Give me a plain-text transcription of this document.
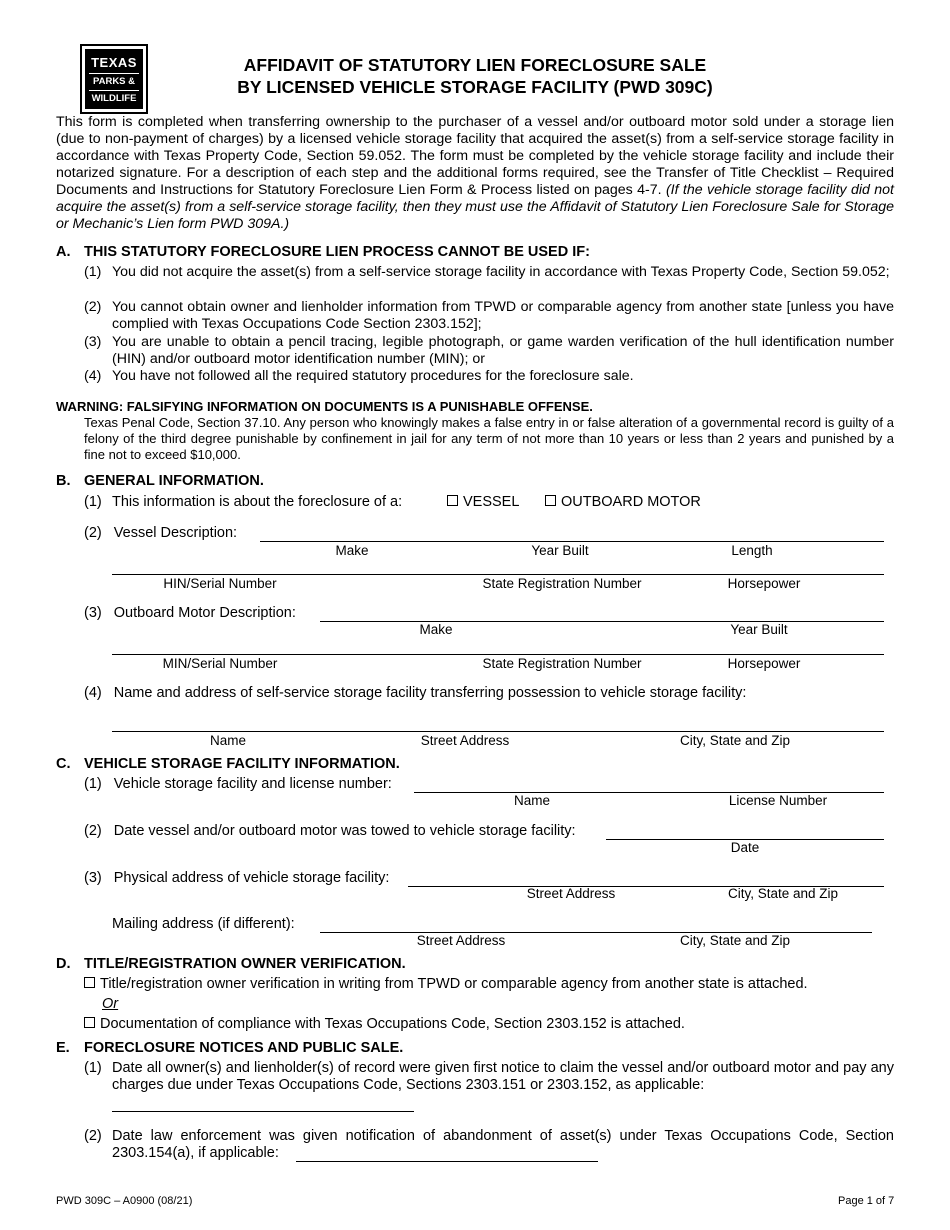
TEXAS
PARKS &
WILDLIFE
AFFIDAVIT OF STATUTORY LIEN FORECLOSURE SALE
BY LICENSED VEHICLE STORAGE FACILITY (PWD 309C)
This form is completed when transferring ownership to the purchaser of a vessel and/or outboard motor sold under a storage lien (due to non-payment of charges) by a licensed vehicle storage facility that acquired the asset(s) from a self-service storage facility in accordance with Texas Property Code, Section 59.052. The form must be completed by the vehicle storage facility and include their notarized signature. For a description of each step and the additional forms required, see the Transfer of Title Checklist – Required Documents and Instructions for Statutory Foreclosure Lien Form & Process listed on pages 4-7. (If the vehicle storage facility did not acquire the asset(s) from a self-service storage facility, then they must use the Affidavit of Statutory Lien Foreclosure Sale for Storage or Mechanic’s Lien form PWD 309A.)
A. THIS STATUTORY FORECLOSURE LIEN PROCESS CANNOT BE USED IF:
(1) You did not acquire the asset(s) from a self-service storage facility in accordance with Texas Property Code, Section 59.052;
(2) You cannot obtain owner and lienholder information from TPWD or comparable agency from another state [unless you have complied with Texas Occupations Code Section 2303.152];
(3) You are unable to obtain a pencil tracing, legible photograph, or game warden verification of the hull identification number (HIN) and/or outboard motor identification number (MIN); or
(4) You have not followed all the required statutory procedures for the foreclosure sale.
WARNING: FALSIFYING INFORMATION ON DOCUMENTS IS A PUNISHABLE OFFENSE.
Texas Penal Code, Section 37.10. Any person who knowingly makes a false entry in or false alteration of a governmental record is guilty of a felony of the third degree punishable by confinement in jail for any term of not more than 10 years or less than 2 years and punished by a fine not to exceed $10,000.
B. GENERAL INFORMATION.
(1) This information is about the foreclosure of a:	VESSEL	OUTBOARD MOTOR
(2) Vessel Description:
Make	Year Built	Length
HIN/Serial Number	State Registration Number	Horsepower
(3) Outboard Motor Description:
Make	Year Built
MIN/Serial Number	State Registration Number	Horsepower
(4) Name and address of self-service storage facility transferring possession to vehicle storage facility:
Name	Street Address	City, State and Zip
C. VEHICLE STORAGE FACILITY INFORMATION.
(1) Vehicle storage facility and license number:
Name	License Number
(2) Date vessel and/or outboard motor was towed to vehicle storage facility:
Date
(3) Physical address of vehicle storage facility:
Street Address	City, State and Zip
Mailing address (if different):
Street Address	City, State and Zip
D. TITLE/REGISTRATION OWNER VERIFICATION.
Title/registration owner verification in writing from TPWD or comparable agency from another state is attached.
Or
Documentation of compliance with Texas Occupations Code, Section 2303.152 is attached.
E. FORECLOSURE NOTICES AND PUBLIC SALE.
(1) Date all owner(s) and lienholder(s) of record were given first notice to claim the vessel and/or outboard motor and pay any charges due under Texas Occupations Code, Sections 2303.151 or 2303.152, as applicable:
(2) Date law enforcement was given notification of abandonment of asset(s) under Texas Occupations Code, Section 2303.154(a), if applicable:
PWD 309C – A0900 (08/21)	Page 1 of 7
